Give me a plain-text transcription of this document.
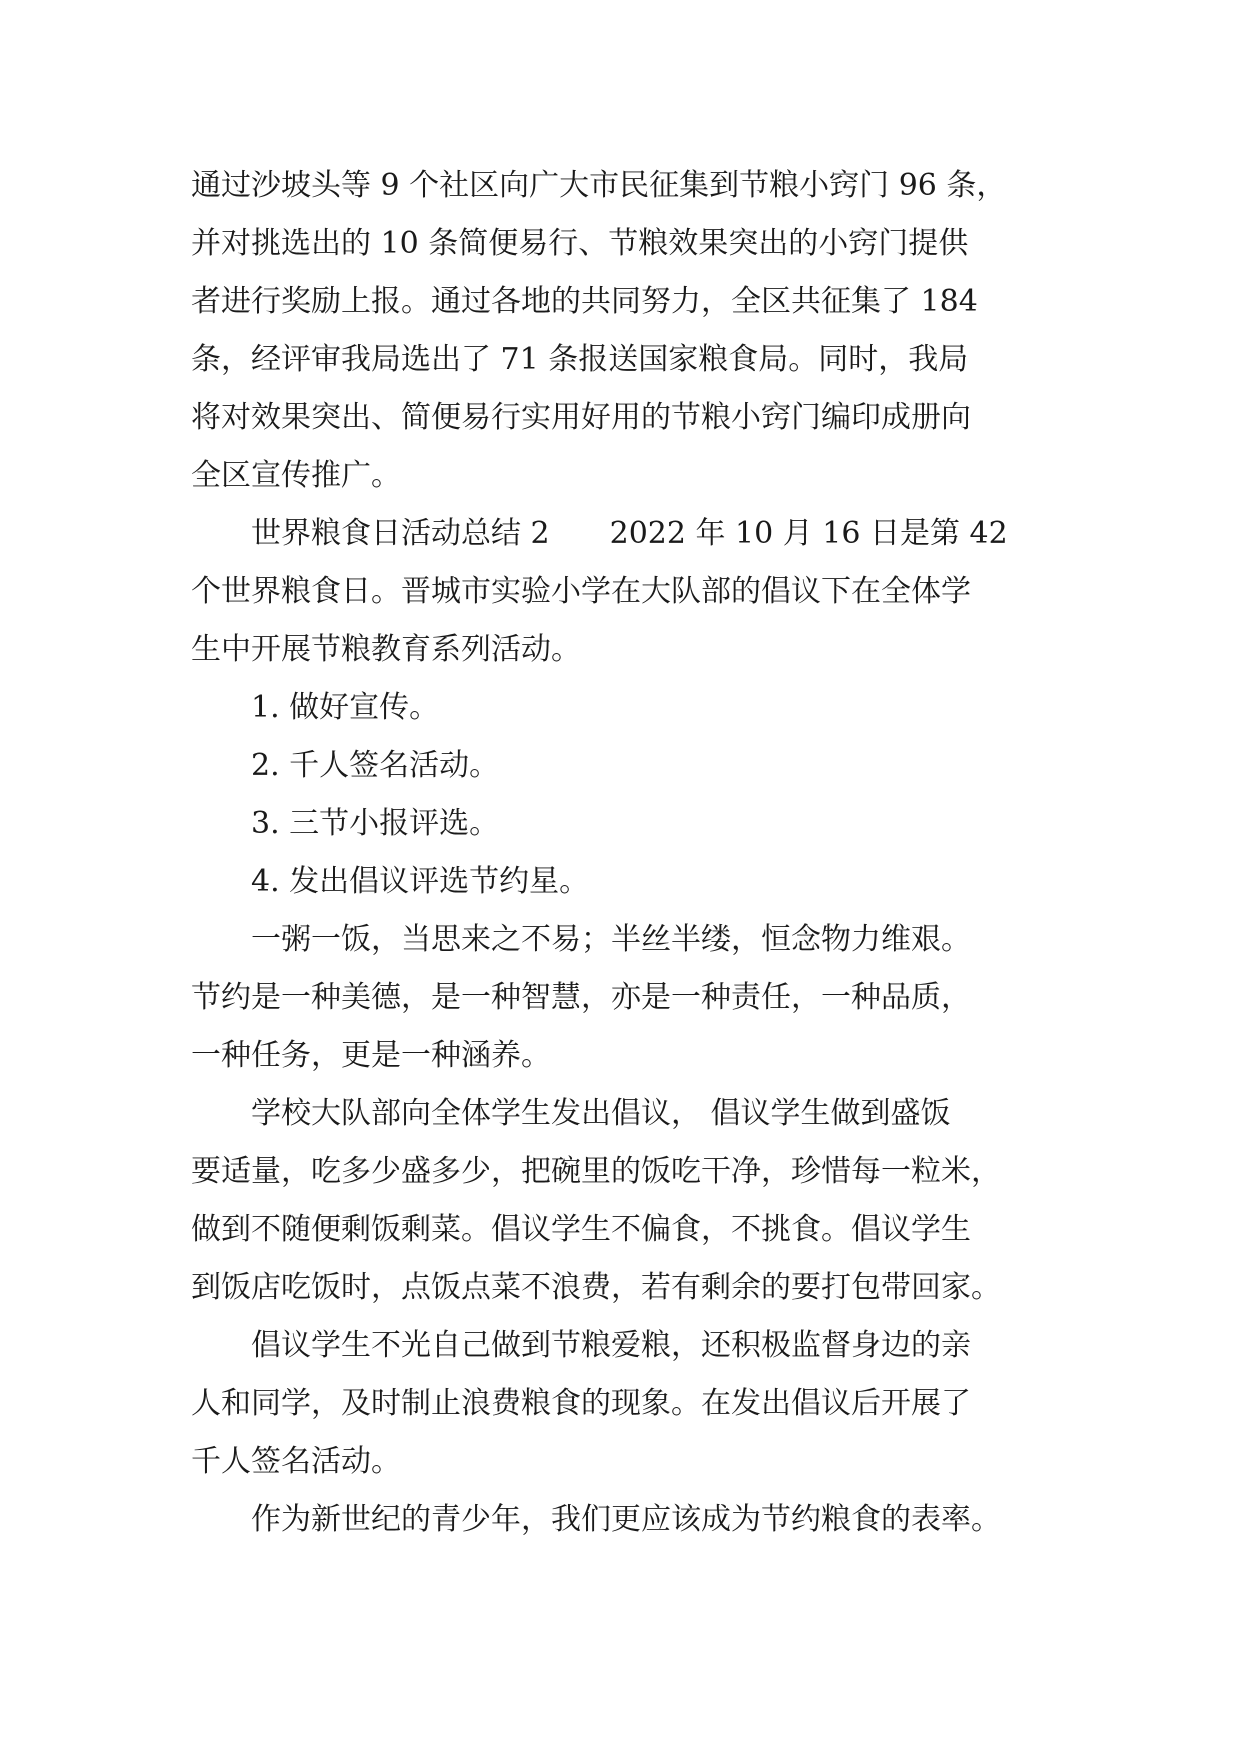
通过沙坡头等 9 个社区向广大市民征集到节粮小窍门 96 条，
并对挑选出的 10 条简便易行、节粮效果突出的小窍门提供
者进行奖励上报。通过各地的共同努力，全区共征集了 184
条，经评审我局选出了 71 条报送国家粮食局。同时，我局
将对效果突出、简便易行实用好用的节粮小窍门编印成册向
全区宣传推广。
世界粮食日活动总结 2 2022 年 10 月 16 日是第 42
个世界粮食日。晋城市实验小学在大队部的倡议下在全体学
生中开展节粮教育系列活动。
1. 做好宣传。
2. 千人签名活动。
3. 三节小报评选。
4. 发出倡议评选节约星。
一粥一饭，当思来之不易；半丝半缕，恒念物力维艰。
节约是一种美德，是一种智慧，亦是一种责任，一种品质，
一种任务，更是一种涵养。
学校大队部向全体学生发出倡议， 倡议学生做到盛饭
要适量，吃多少盛多少，把碗里的饭吃干净，珍惜每一粒米，
做到不随便剩饭剩菜。倡议学生不偏食，不挑食。倡议学生
到饭店吃饭时，点饭点菜不浪费，若有剩余的要打包带回家。
倡议学生不光自己做到节粮爱粮，还积极监督身边的亲
人和同学，及时制止浪费粮食的现象。在发出倡议后开展了
千人签名活动。
作为新世纪的青少年，我们更应该成为节约粮食的表率。
